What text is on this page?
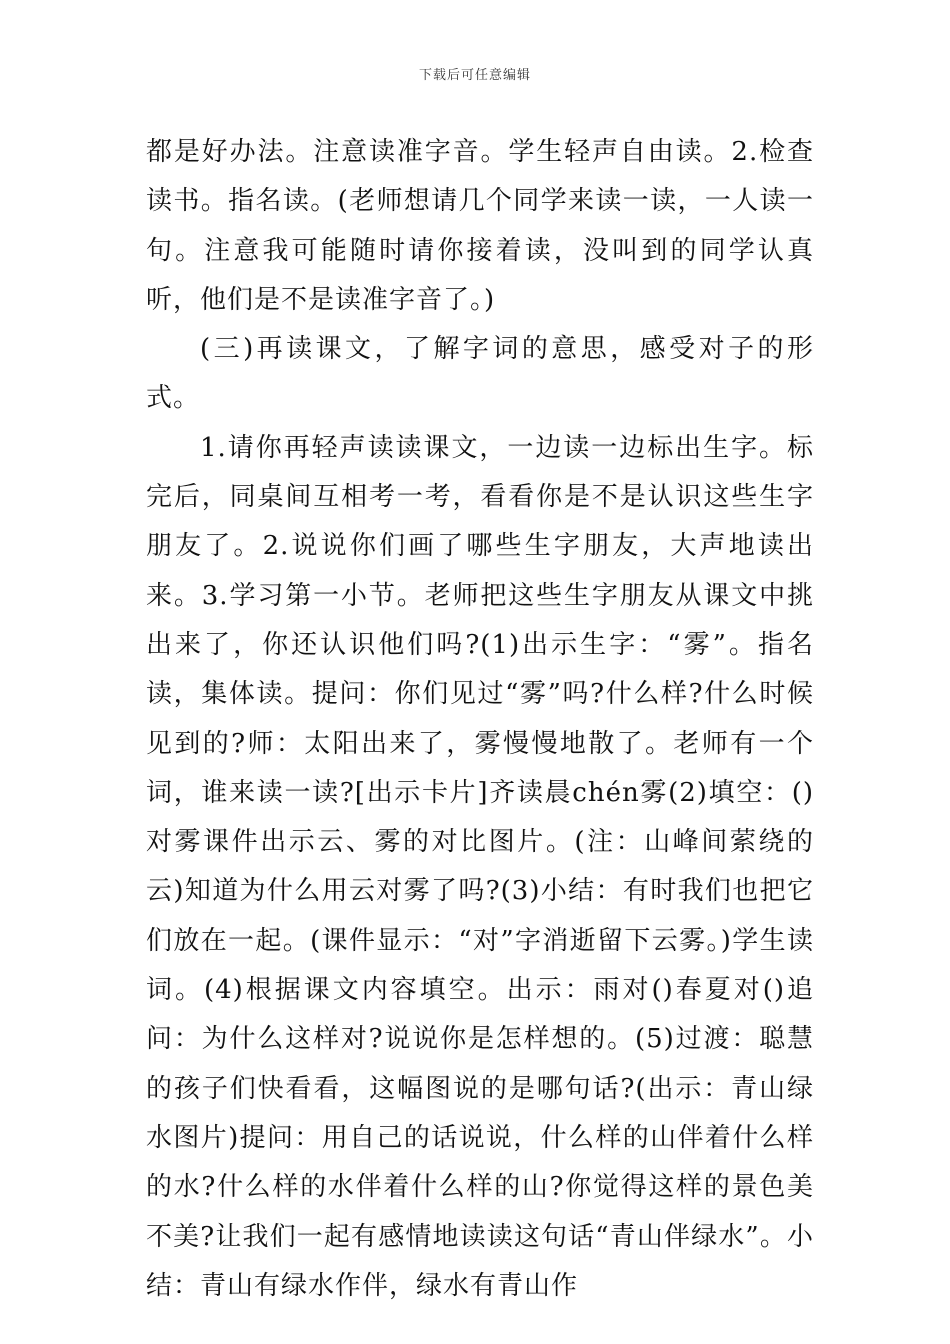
下载后可任意编辑

都是好办法。注意读准字音。学生轻声自由读。2.检查读书。指名读。(老师想请几个同学来读一读，一人读一句。注意我可能随时请你接着读，没叫到的同学认真听，他们是不是读准字音了。)

(三)再读课文，了解字词的意思，感受对子的形式。

1.请你再轻声读读课文，一边读一边标出生字。标完后，同桌间互相考一考，看看你是不是认识这些生字朋友了。2.说说你们画了哪些生字朋友，大声地读出来。3.学习第一小节。老师把这些生字朋友从课文中挑出来了，你还认识他们吗?(1)出示生字：“雾”。指名读，集体读。提问：你们见过“雾”吗?什么样?什么时候见到的?师：太阳出来了，雾慢慢地散了。老师有一个词，谁来读一读?[出示卡片]齐读晨chén雾(2)填空：()对雾课件出示云、雾的对比图片。(注：山峰间萦绕的云)知道为什么用云对雾了吗?(3)小结：有时我们也把它们放在一起。(课件显示：“对”字消逝留下云雾。)学生读词。(4)根据课文内容填空。出示：雨对()春夏对()追问：为什么这样对?说说你是怎样想的。(5)过渡：聪慧的孩子们快看看，这幅图说的是哪句话?(出示：青山绿水图片)提问：用自己的话说说，什么样的山伴着什么样的水?什么样的水伴着什么样的山?你觉得这样的景色美不美?让我们一起有感情地读读这句话“青山伴绿水”。小结：青山有绿水作伴，绿水有青山作
